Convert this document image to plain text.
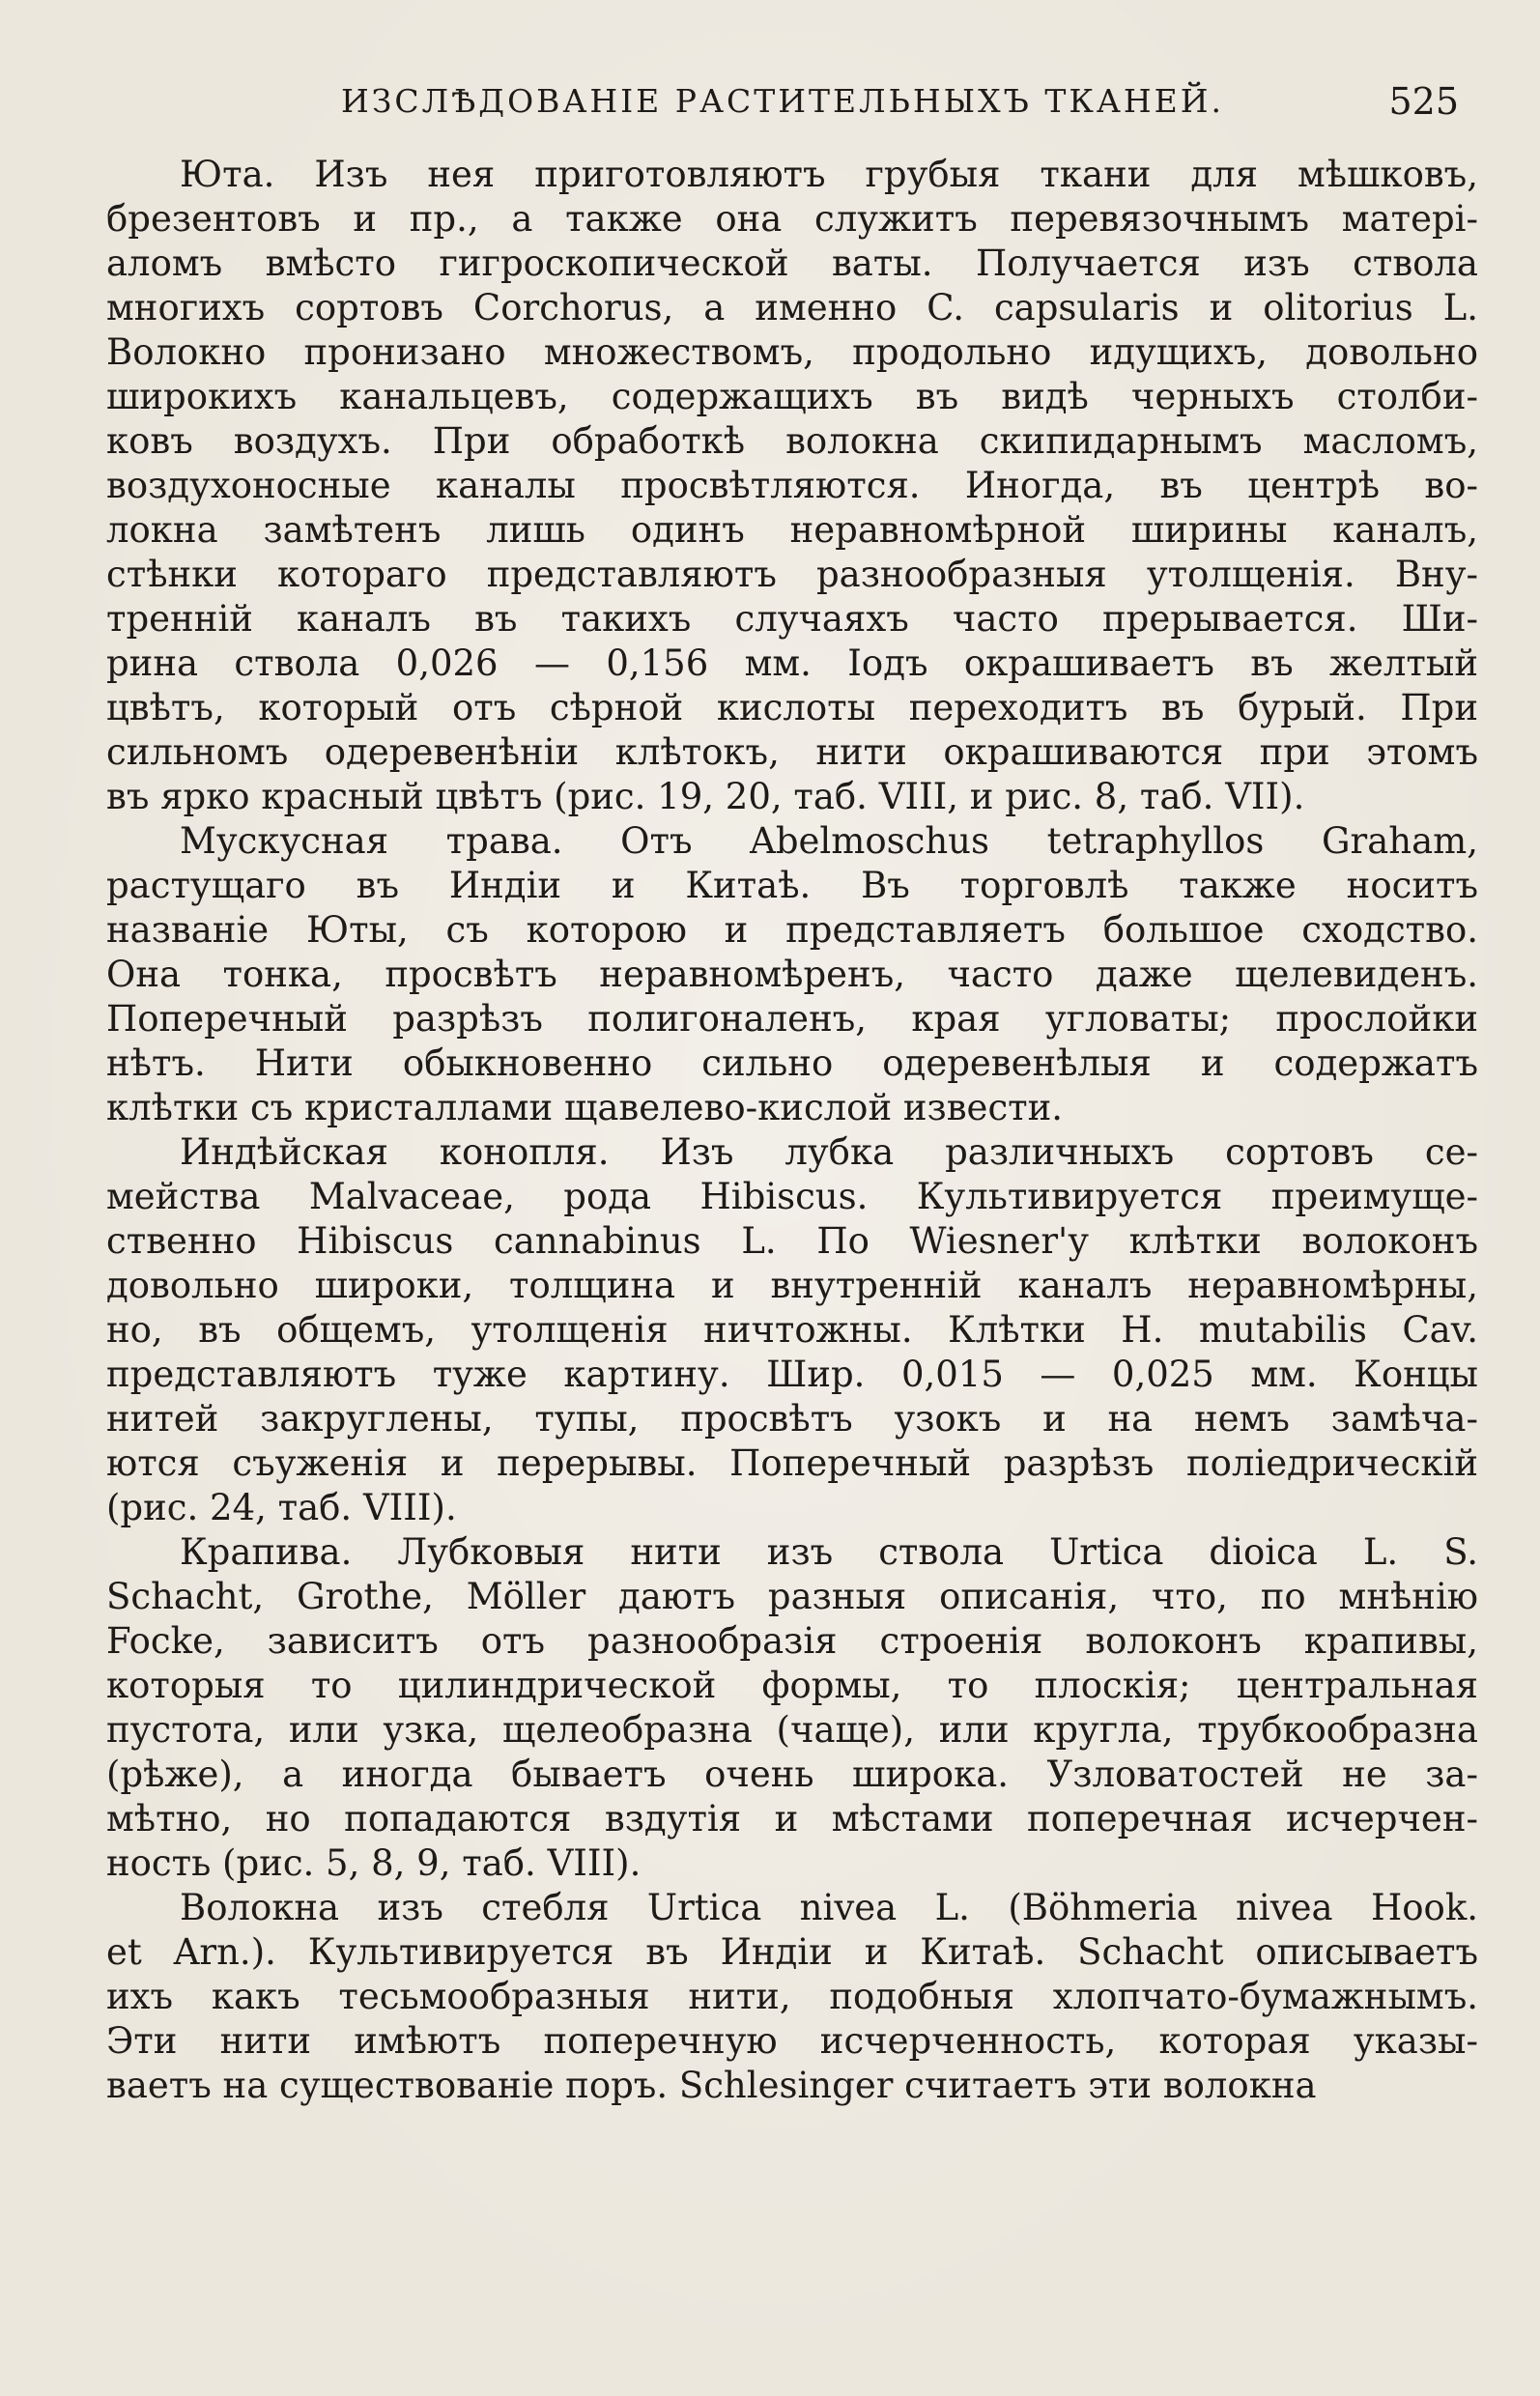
ИЗСЛѢДОВАНІЕ РАСТИТЕЛЬНЫХЪ ТКАНЕЙ.	525
Юта. Изъ нея приготовляютъ грубыя ткани для мѣшковъ,
брезентовъ и пр., а также она служитъ перевязочнымъ матері-
аломъ вмѣсто гигроскопической ваты. Получается изъ ствола
многихъ сортовъ Corchorus, а именно C. capsularis и olitorius L.
Волокно пронизано множествомъ, продольно идущихъ, довольно
широкихъ канальцевъ, содержащихъ въ видѣ черныхъ столби-
ковъ воздухъ. При обработкѣ волокна скипидарнымъ масломъ,
воздухоносные каналы просвѣтляются. Иногда, въ центрѣ во-
локна замѣтенъ лишь одинъ неравномѣрной ширины каналъ,
стѣнки котораго представляютъ разнообразныя утолщенія. Вну-
тренній каналъ въ такихъ случаяхъ часто прерывается. Ши-
рина ствола 0,026 — 0,156 мм. Іодъ окрашиваетъ въ желтый
цвѣтъ, который отъ сѣрной кислоты переходитъ въ бурый. При
сильномъ одеревенѣніи клѣтокъ, нити окрашиваются при этомъ
въ ярко красный цвѣтъ (рис. 19, 20, таб. VIII, и рис. 8, таб. VII).
Мускусная трава. Отъ Abelmoschus tetraphyllos Graham,
растущаго въ Индіи и Китаѣ. Въ торговлѣ также носитъ
названіе Юты, съ которою и представляетъ большое сходство.
Она тонка, просвѣтъ неравномѣренъ, часто даже щелевиденъ.
Поперечный разрѣзъ полигоналенъ, края угловаты; прослойки
нѣтъ. Нити обыкновенно сильно одеревенѣлыя и содержатъ
клѣтки съ кристаллами щавелево-кислой извести.
Индѣйская конопля. Изъ лубка различныхъ сортовъ се-
мейства Malvaceae, рода Hibiscus. Культивируется преимуще-
ственно Hibiscus cannabinus L. По Wiesner'у клѣтки волоконъ
довольно широки, толщина и внутренній каналъ неравномѣрны,
но, въ общемъ, утолщенія ничтожны. Клѣтки H. mutabilis Cav.
представляютъ туже картину. Шир. 0,015 — 0,025 мм. Концы
нитей закруглены, тупы, просвѣтъ узокъ и на немъ замѣча-
ются съуженія и перерывы. Поперечный разрѣзъ поліедрическій
(рис. 24, таб. VIII).
Крапива. Лубковыя нити изъ ствола Urtica dioica L. S.
Schacht, Grothe, Möller даютъ разныя описанія, что, по мнѣнію
Focke, зависитъ отъ разнообразія строенія волоконъ крапивы,
которыя то цилиндрической формы, то плоскія; центральная
пустота, или узка, щелеобразна (чаще), или кругла, трубкообразна
(рѣже), а иногда бываетъ очень широка. Узловатостей не за-
мѣтно, но попадаются вздутія и мѣстами поперечная исчерчен-
ность (рис. 5, 8, 9, таб. VIII).
Волокна изъ стебля Urtica nivea L. (Böhmeria nivea Hook.
et Arn.). Культивируется въ Индіи и Китаѣ. Schacht описываетъ
ихъ какъ тесьмообразныя нити, подобныя хлопчато-бумажнымъ.
Эти нити имѣютъ поперечную исчерченность, которая указы-
ваетъ на существованіе поръ. Schlesinger считаетъ эти волокна
